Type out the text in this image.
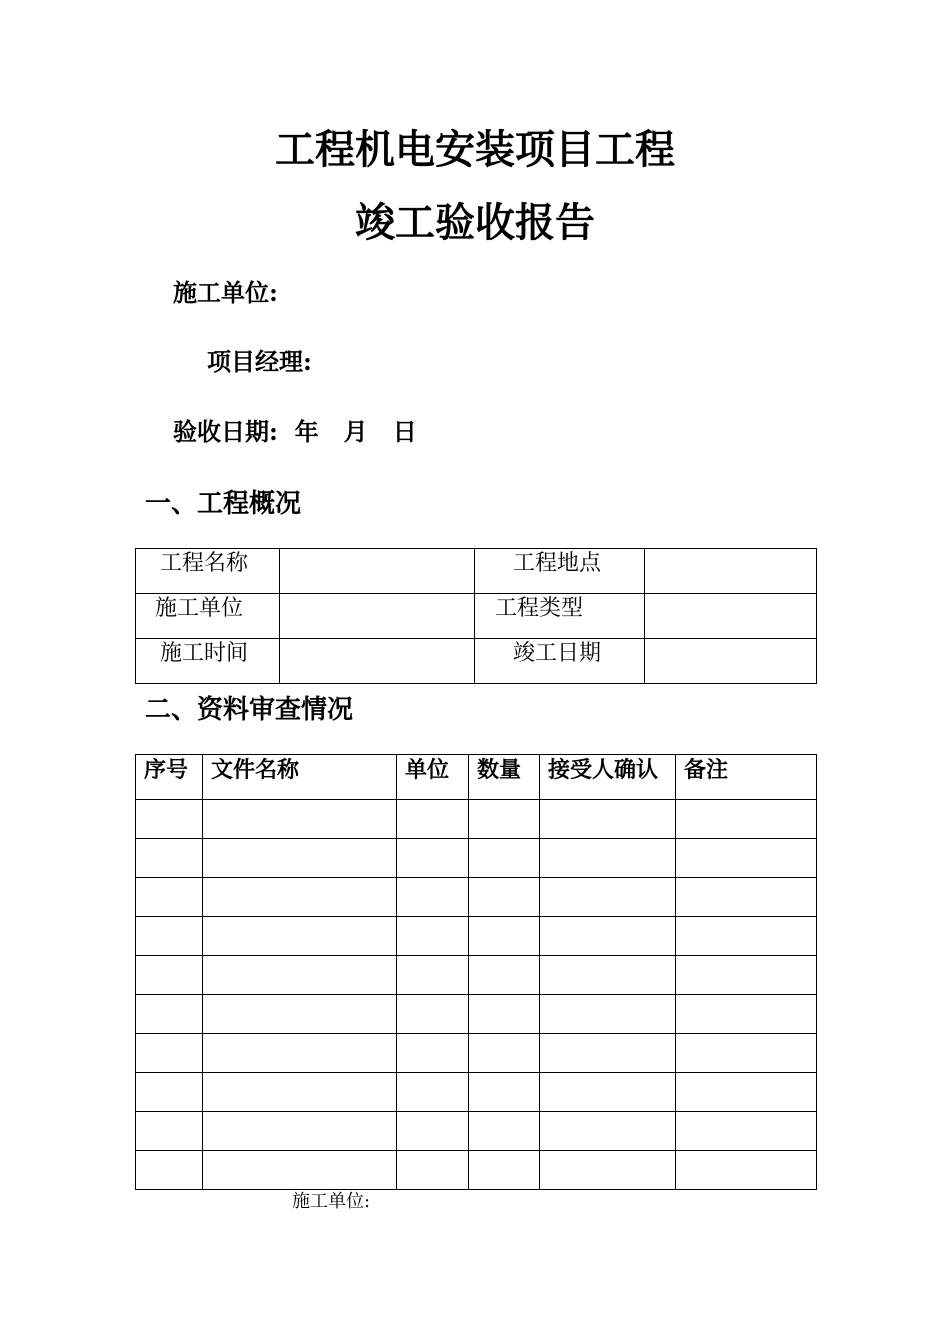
工程机电安装项目工程
竣工验收报告
施工单位:
项目经理:
验收日期:  年   月   日
一、工程概况
工程名称		工程地点	

施工单位		工程类型	

施工时间		竣工日期	

二、资料审查情况
序号	文件名称	单位	数量	接受人确认	备注

施工单位:
